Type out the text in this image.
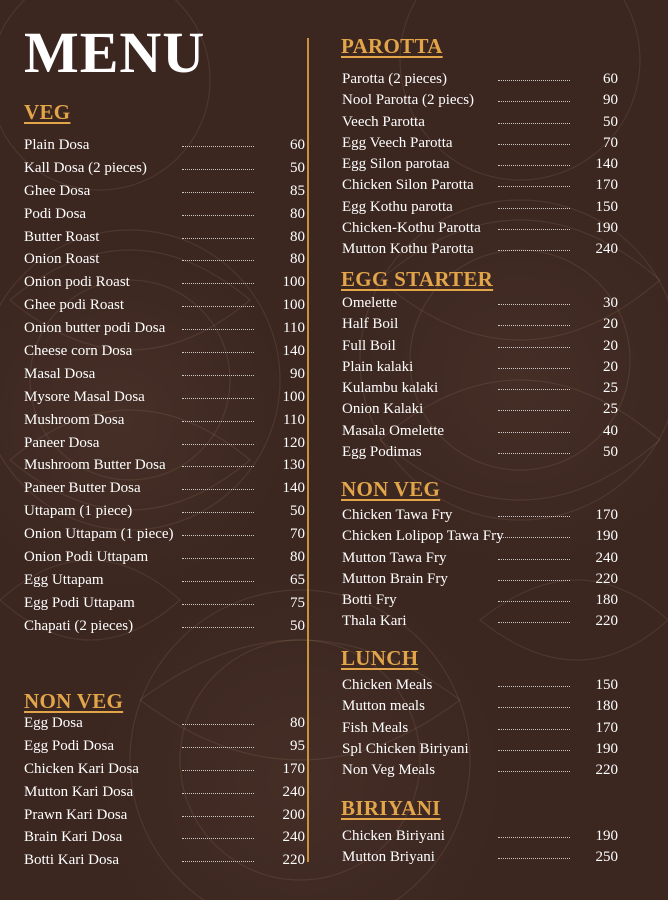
MENU
VEG
Plain Dosa	60
Kall Dosa (2 pieces)	50
Ghee Dosa	85
Podi Dosa	80
Butter Roast	80
Onion Roast	80
Onion podi Roast	100
Ghee podi Roast	100
Onion butter podi Dosa	110
Cheese corn Dosa	140
Masal Dosa	90
Mysore Masal Dosa	100
Mushroom Dosa	110
Paneer Dosa	120
Mushroom Butter Dosa	130
Paneer Butter Dosa	140
Uttapam (1 piece)	50
Onion Uttapam (1 piece)	70
Onion Podi Uttapam	80
Egg Uttapam	65
Egg Podi Uttapam	75
Chapati (2 pieces)	50
NON VEG
Egg Dosa	80
Egg Podi Dosa	95
Chicken Kari Dosa	170
Mutton Kari Dosa	240
Prawn Kari Dosa	200
Brain Kari Dosa	240
Botti Kari Dosa	220
PAROTTA
Parotta (2 pieces)	60
Nool Parotta (2 piecs)	90
Veech Parotta	50
Egg Veech Parotta	70
Egg Silon parotaa	140
Chicken Silon Parotta	170
Egg Kothu parotta	150
Chicken-Kothu Parotta	190
Mutton Kothu Parotta	240
EGG STARTER
Omelette	30
Half Boil	20
Full Boil	20
Plain kalaki	20
Kulambu kalaki	25
Onion Kalaki	25
Masala Omelette	40
Egg Podimas	50
NON VEG
Chicken Tawa Fry	170
Chicken Lolipop Tawa Fry	190
Mutton Tawa Fry	240
Mutton Brain Fry	220
Botti Fry	180
Thala Kari	220
LUNCH
Chicken Meals	150
Mutton meals	180
Fish Meals	170
Spl Chicken Biriyani	190
Non Veg Meals	220
BIRIYANI
Chicken Biriyani	190
Mutton Briyani	250
